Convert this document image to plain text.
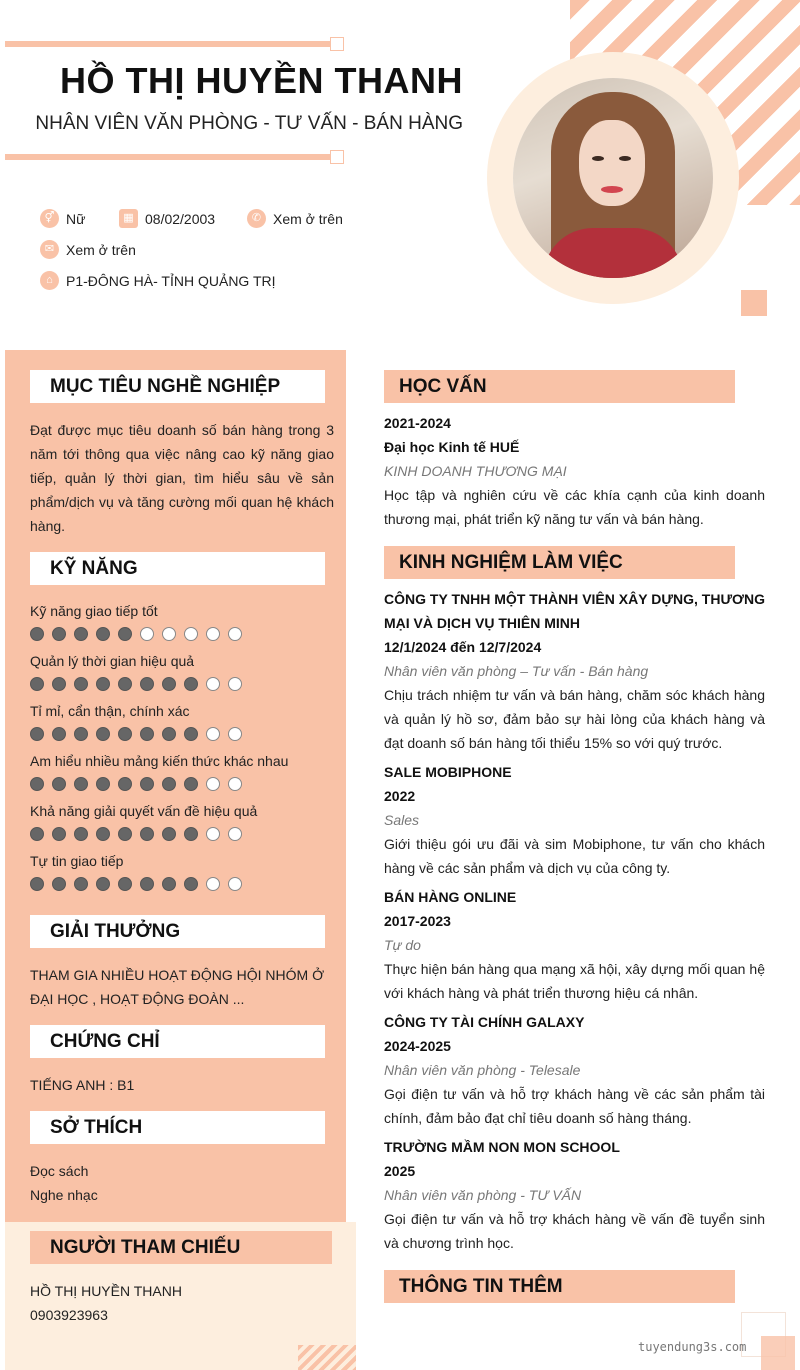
HỒ THỊ HUYỀN THANH
NHÂN VIÊN VĂN PHÒNG - TƯ VẤN - BÁN HÀNG
⚥ Nữ	▦ 08/02/2003	✆ Xem ở trên
✉ Xem ở trên
⌂ P1-ĐÔNG HÀ- TỈNH QUẢNG TRỊ
MỤC TIÊU NGHỀ NGHIỆP
Đạt được mục tiêu doanh số bán hàng trong 3 năm tới thông qua việc nâng cao kỹ năng giao tiếp, quản lý thời gian, tìm hiểu sâu về sản phẩm/dịch vụ và tăng cường mối quan hệ khách hàng.
KỸ NĂNG
Kỹ năng giao tiếp tốt
Quản lý thời gian hiệu quả
Tỉ mỉ, cẩn thận, chính xác
Am hiểu nhiều mảng kiến thức khác nhau
Khả năng giải quyết vấn đề hiệu quả
Tự tin giao tiếp
GIẢI THƯỞNG
THAM GIA NHIỀU HOẠT ĐỘNG HỘI NHÓM Ở ĐẠI HỌC , HOẠT ĐỘNG ĐOÀN ...
CHỨNG CHỈ
TIẾNG ANH : B1
SỞ THÍCH
Đọc sách
Nghe nhạc
NGƯỜI THAM CHIẾU
HỒ THỊ HUYỀN THANH
0903923963
HỌC VẤN
2021-2024
Đại học Kinh tế HUẾ
KINH DOANH THƯƠNG MẠI
Học tập và nghiên cứu về các khía cạnh của kinh doanh thương mại, phát triển kỹ năng tư vấn và bán hàng.
KINH NGHIỆM LÀM VIỆC
CÔNG TY TNHH MỘT THÀNH VIÊN XÂY DỰNG, THƯƠNG MẠI VÀ DỊCH VỤ THIÊN MINH
12/1/2024 đến 12/7/2024
Nhân viên văn phòng – Tư vấn - Bán hàng
Chịu trách nhiệm tư vấn và bán hàng, chăm sóc khách hàng và quản lý hồ sơ, đảm bảo sự hài lòng của khách hàng và đạt doanh số bán hàng tối thiểu 15% so với quý trước.
SALE MOBIPHONE
2022
Sales
Giới thiệu gói ưu đãi và sim Mobiphone, tư vấn cho khách hàng về các sản phẩm và dịch vụ của công ty.
BÁN HÀNG ONLINE
2017-2023
Tự do
Thực hiện bán hàng qua mạng xã hội, xây dựng mối quan hệ với khách hàng và phát triển thương hiệu cá nhân.
CÔNG TY TÀI CHÍNH GALAXY
2024-2025
Nhân viên văn phòng - Telesale
Gọi điện tư vấn và hỗ trợ khách hàng về các sản phẩm tài chính, đảm bảo đạt chỉ tiêu doanh số hàng tháng.
TRƯỜNG MẦM NON MON SCHOOL
2025
Nhân viên văn phòng - TƯ VẤN
Gọi điện tư vấn và hỗ trợ khách hàng về vấn đề tuyển sinh và chương trình học.
THÔNG TIN THÊM
tuyendung3s.com
